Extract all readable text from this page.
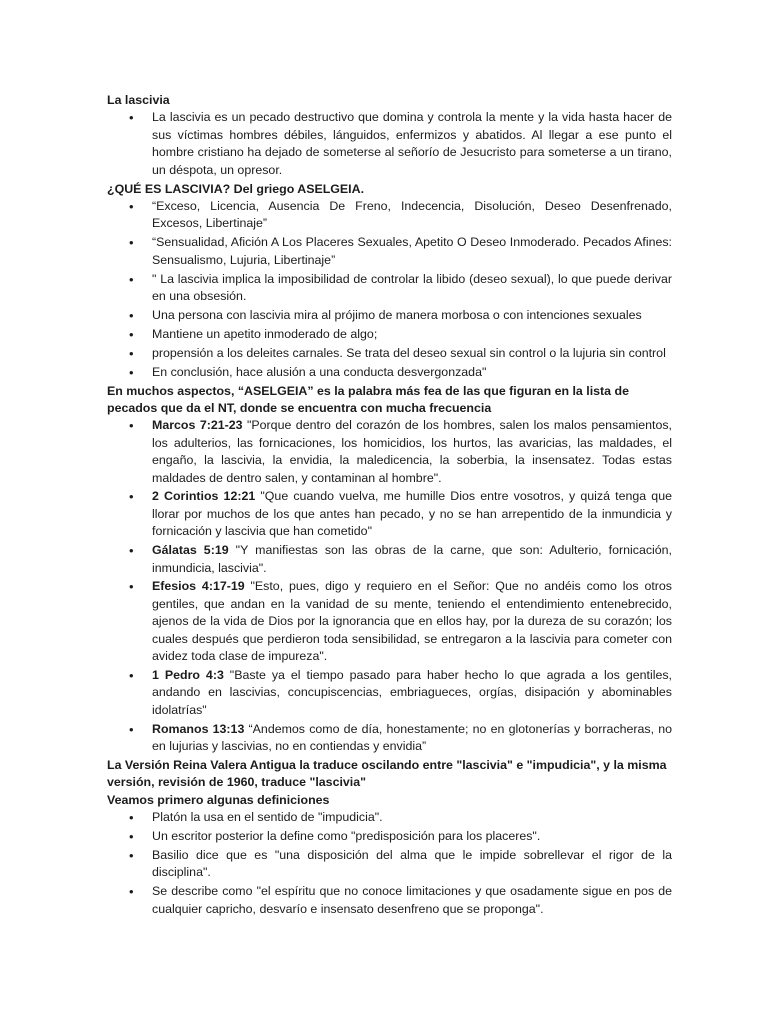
La lascivia

• La lascivia es un pecado destructivo que domina y controla la mente y la vida hasta hacer de sus víctimas hombres débiles, lánguidos, enfermizos y abatidos. Al llegar a ese punto el hombre cristiano ha dejado de someterse al señorío de Jesucristo para someterse a un tirano, un déspota, un opresor.

¿QUÉ ES LASCIVIA? Del griego ASELGEIA.

• “Exceso, Licencia, Ausencia De Freno, Indecencia, Disolución, Deseo Desenfrenado, Excesos, Libertinaje”
• “Sensualidad, Afición A Los Placeres Sexuales, Apetito O Deseo Inmoderado. Pecados Afines: Sensualismo, Lujuria, Libertinaje”
• " La lascivia implica la imposibilidad de controlar la libido (deseo sexual), lo que puede derivar en una obsesión.
• Una persona con lascivia mira al prójimo de manera morbosa o con intenciones sexuales
• Mantiene un apetito inmoderado de algo;
• propensión a los deleites carnales. Se trata del deseo sexual sin control o la lujuria sin control
• En conclusión, hace alusión a una conducta desvergonzada"

En muchos aspectos, “ASELGEIA” es la palabra más fea de las que figuran en la lista de pecados que da el NT, donde se encuentra con mucha frecuencia

• Marcos 7:21-23 "Porque dentro del corazón de los hombres, salen los malos pensamientos, los adulterios, las fornicaciones, los homicidios, los hurtos, las avaricias, las maldades, el engaño, la lascivia, la envidia, la maledicencia, la soberbia, la insensatez. Todas estas maldades de dentro salen, y contaminan al hombre".
• 2 Corintios 12:21 "Que cuando vuelva, me humille Dios entre vosotros, y quizá tenga que llorar por muchos de los que antes han pecado, y no se han arrepentido de la inmundicia y fornicación y lascivia que han cometido"
• Gálatas 5:19 "Y manifiestas son las obras de la carne, que son: Adulterio, fornicación, inmundicia, lascivia".
• Efesios 4:17-19 "Esto, pues, digo y requiero en el Señor: Que no andéis como los otros gentiles, que andan en la vanidad de su mente, teniendo el entendimiento entenebrecido, ajenos de la vida de Dios por la ignorancia que en ellos hay, por la dureza de su corazón; los cuales después que perdieron toda sensibilidad, se entregaron a la lascivia para cometer con avidez toda clase de impureza".
• 1 Pedro 4:3 "Baste ya el tiempo pasado para haber hecho lo que agrada a los gentiles, andando en lascivias, concupiscencias, embriagueces, orgías, disipación y abominables idolatrías"
• Romanos 13:13 “Andemos como de día, honestamente; no en glotonerías y borracheras, no en lujurias y lascivias, no en contiendas y envidia”

La Versión Reina Valera Antigua la traduce oscilando entre "lascivia" e "impudicia", y la misma versión, revisión de 1960, traduce "lascivia"

Veamos primero algunas definiciones

• Platón la usa en el sentido de "impudicia".
• Un escritor posterior la define como "predisposición para los placeres".
• Basilio dice que es "una disposición del alma que le impide sobrellevar el rigor de la disciplina".
• Se describe como "el espíritu que no conoce limitaciones y que osadamente sigue en pos de cualquier capricho, desvarío e insensato desenfreno que se proponga".
